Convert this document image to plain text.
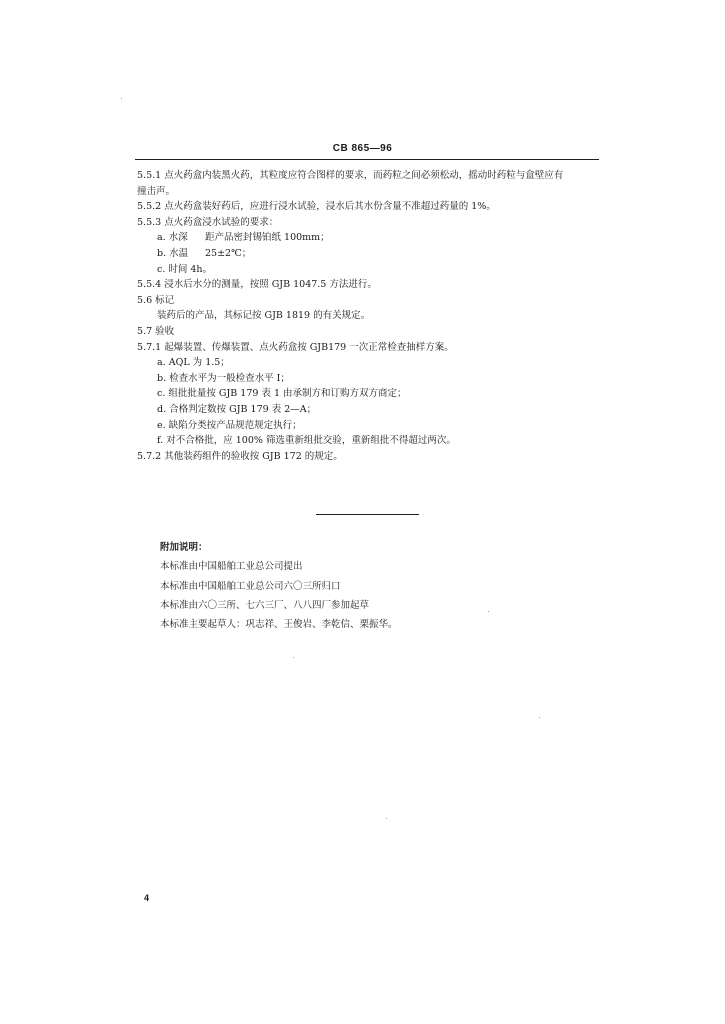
CB 865—96
5.5.1 点火药盒内装黑火药，其粒度应符合图样的要求，而药粒之间必须松动，摇动时药粒与盒壁应有
撞击声。
5.5.2 点火药盒装好药后，应进行浸水试验，浸水后其水份含量不准超过药量的 1%。
5.5.3 点火药盒浸水试验的要求：
a. 水深 距产品密封锡铂纸 100mm；
b. 水温 25±2℃；
c. 时间 4h。
5.5.4 浸水后水分的测量，按照 GJB 1047.5 方法进行。
5.6 标记
装药后的产品，其标记按 GJB 1819 的有关规定。
5.7 验收
5.7.1 起爆装置、传爆装置、点火药盒按 GJB179 一次正常检查抽样方案。
a. AQL 为 1.5；
b. 检查水平为一般检查水平 I；
c. 组批批量按 GJB 179 表 1 由承制方和订购方双方商定；
d. 合格判定数按 GJB 179 表 2—A；
e. 缺陷分类按产品规范规定执行；
f. 对不合格批，应 100% 筛选重新组批交验，重新组批不得超过两次。
5.7.2 其他装药组件的验收按 GJB 172 的规定。
附加说明：
本标准由中国船舶工业总公司提出
本标准由中国船舶工业总公司六〇三所归口
本标准由六〇三所、七六三厂、八八四厂参加起草
本标准主要起草人：巩志祥、王俊岩、李乾信、栗振华。
4
